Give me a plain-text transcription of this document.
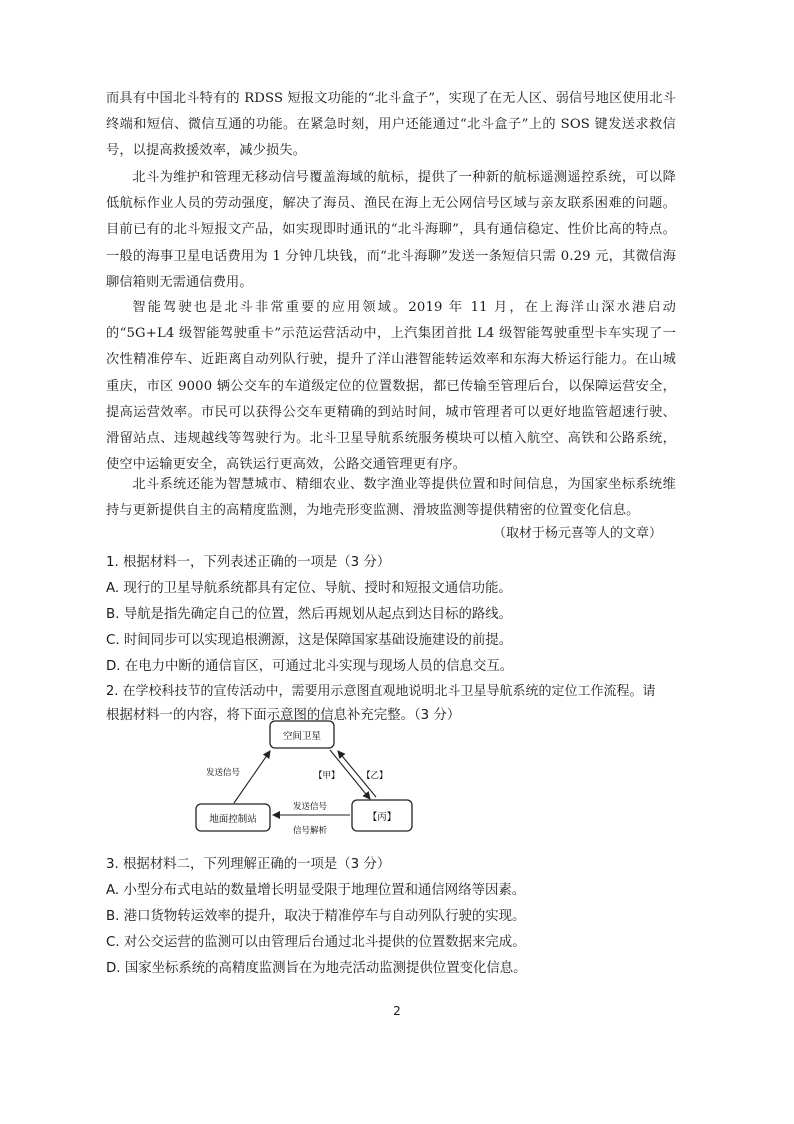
而具有中国北斗特有的 RDSS 短报文功能的“北斗盒子”，实现了在无人区、弱信号地区使用北斗终端和短信、微信互通的功能。在紧急时刻，用户还能通过“北斗盒子”上的 SOS 键发送求救信号，以提高救援效率，减少损失。

北斗为维护和管理无移动信号覆盖海域的航标，提供了一种新的航标遥测遥控系统，可以降低航标作业人员的劳动强度，解决了海员、渔民在海上无公网信号区域与亲友联系困难的问题。目前已有的北斗短报文产品，如实现即时通讯的“北斗海聊”，具有通信稳定、性价比高的特点。一般的海事卫星电话费用为 1 分钟几块钱，而“北斗海聊”发送一条短信只需 0.29 元，其微信海聊信箱则无需通信费用。

智能驾驶也是北斗非常重要的应用领域。2019 年 11 月，在上海洋山深水港启动的“5G+L4 级智能驾驶重卡”示范运营活动中，上汽集团首批 L4 级智能驾驶重型卡车实现了一次性精准停车、近距离自动列队行驶，提升了洋山港智能转运效率和东海大桥运行能力。在山城重庆，市区 9000 辆公交车的车道级定位的位置数据，都已传输至管理后台，以保障运营安全，提高运营效率。市民可以获得公交车更精确的到站时间，城市管理者可以更好地监管超速行驶、滑留站点、违规越线等驾驶行为。北斗卫星导航系统服务模块可以植入航空、高铁和公路系统，使空中运输更安全，高铁运行更高效，公路交通管理更有序。

北斗系统还能为智慧城市、精细农业、数字渔业等提供位置和时间信息，为国家坐标系统维持与更新提供自主的高精度监测，为地壳形变监测、滑坡监测等提供精密的位置变化信息。

（取材于杨元喜等人的文章）

1. 根据材料一，下列表述正确的一项是（3 分）

A. 现行的卫星导航系统都具有定位、导航、授时和短报文通信功能。

B. 导航是指先确定自己的位置，然后再规划从起点到达目标的路线。

C. 时间同步可以实现追根溯源，这是保障国家基础设施建设的前提。

D. 在电力中断的通信盲区，可通过北斗实现与现场人员的信息交互。

2. 在学校科技节的宣传活动中，需要用示意图直观地说明北斗卫星导航系统的定位工作流程。请

根据材料一的内容，将下面示意图的信息补充完整。（3 分）

空间卫星
地面控制站	【丙】
发送信号	【甲】	【乙】
发送信号
信号解析

3. 根据材料二，下列理解正确的一项是（3 分）

A. 小型分布式电站的数量增长明显受限于地理位置和通信网络等因素。

B. 港口货物转运效率的提升，取决于精准停车与自动列队行驶的实现。

C. 对公交运营的监测可以由管理后台通过北斗提供的位置数据来完成。

D. 国家坐标系统的高精度监测旨在为地壳活动监测提供位置变化信息。

2
